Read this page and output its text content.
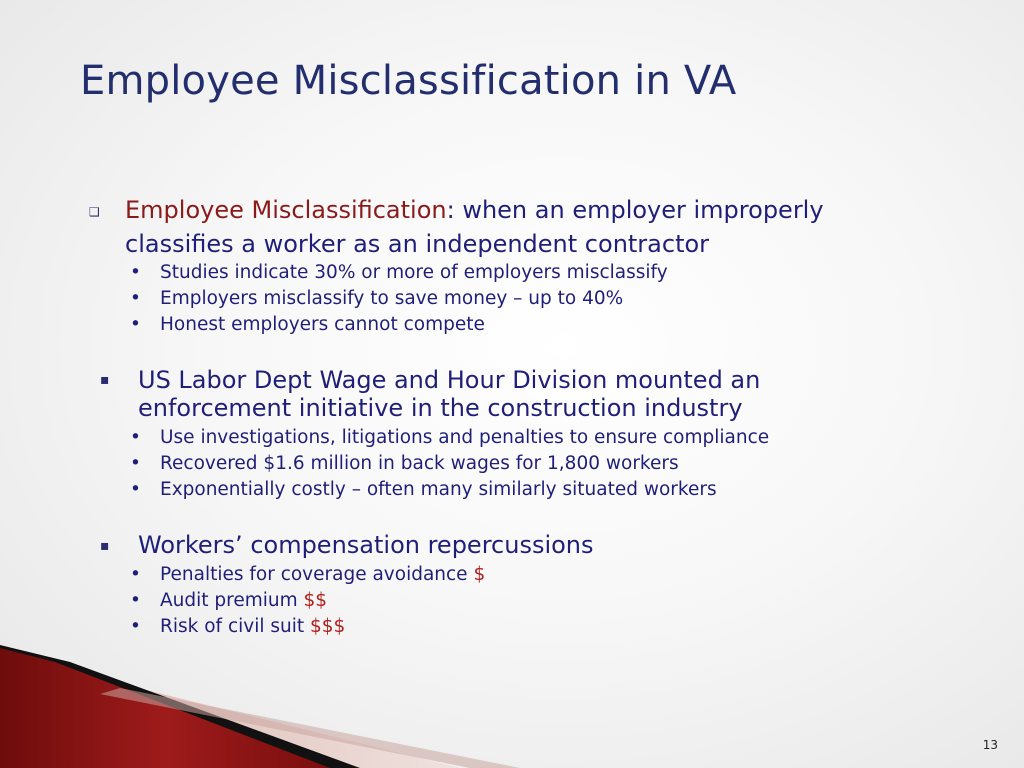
Employee Misclassification in VA
❑ Employee Misclassification: when an employer improperly
classifies a worker as an independent contractor
• Studies indicate 30% or more of employers misclassify
• Employers misclassify to save money – up to 40%
• Honest employers cannot compete
▪ US Labor Dept Wage and Hour Division mounted an
enforcement initiative in the construction industry
• Use investigations, litigations and penalties to ensure compliance
• Recovered $1.6 million in back wages for 1,800 workers
• Exponentially costly – often many similarly situated workers
▪ Workers’ compensation repercussions
• Penalties for coverage avoidance $
• Audit premium $$
• Risk of civil suit $$$
13
